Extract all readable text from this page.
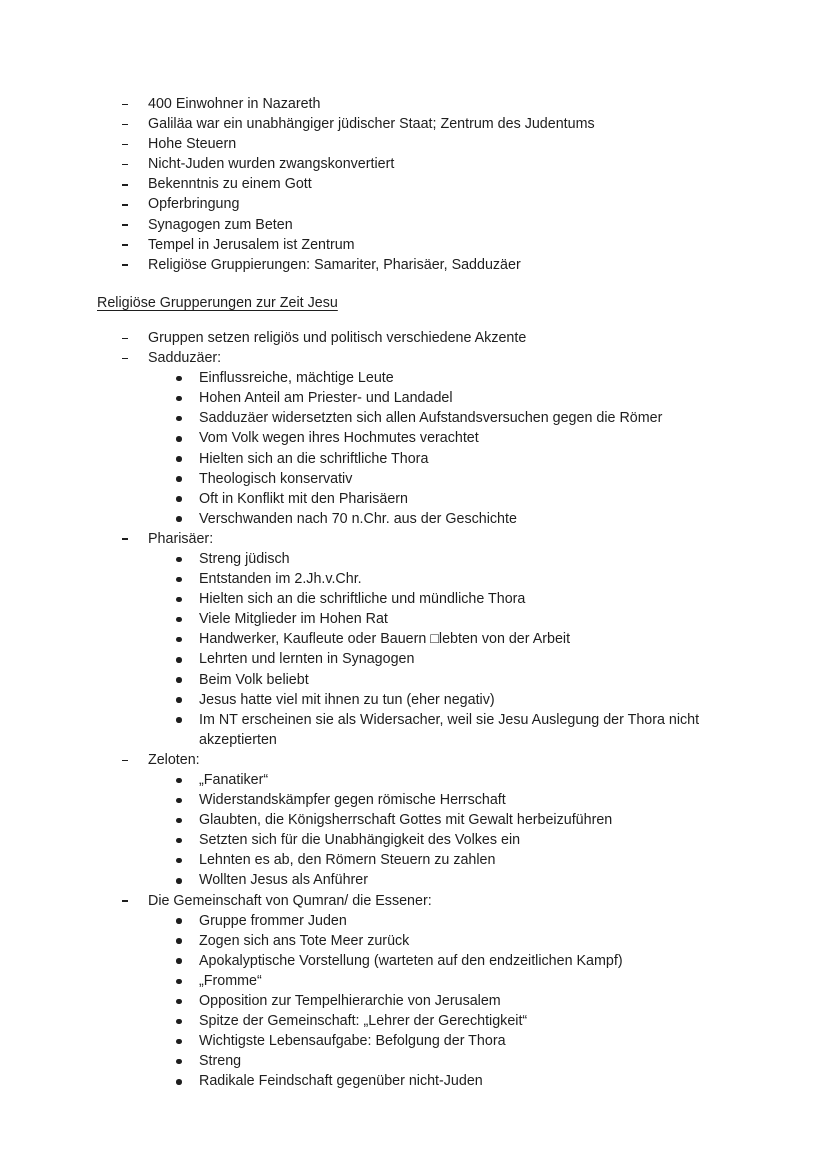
400 Einwohner in Nazareth
Galiläa war ein unabhängiger jüdischer Staat; Zentrum des Judentums
Hohe Steuern
Nicht-Juden wurden zwangskonvertiert
Bekenntnis zu einem Gott
Opferbringung
Synagogen zum Beten
Tempel in Jerusalem ist Zentrum
Religiöse Gruppierungen: Samariter, Pharisäer, Sadduzäer
Religiöse Grupperungen zur Zeit Jesu
Gruppen setzen religiös und politisch verschiedene Akzente
Sadduzäer:
Einflussreiche, mächtige Leute
Hohen Anteil am Priester- und Landadel
Sadduzäer widersetzten sich allen Aufstandsversuchen gegen die Römer
Vom Volk wegen ihres Hochmutes verachtet
Hielten sich an die schriftliche Thora
Theologisch konservativ
Oft in Konflikt mit den Pharisäern
Verschwanden nach 70 n.Chr. aus der Geschichte
Pharisäer:
Streng jüdisch
Entstanden im 2.Jh.v.Chr.
Hielten sich an die schriftliche und mündliche Thora
Viele Mitglieder im Hohen Rat
Handwerker, Kaufleute oder Bauern □lebten von der Arbeit
Lehrten und lernten in Synagogen
Beim Volk beliebt
Jesus hatte viel mit ihnen zu tun (eher negativ)
Im NT erscheinen sie als Widersacher, weil sie Jesu Auslegung der Thora nicht akzeptierten
Zeloten:
„Fanatiker“
Widerstandskämpfer gegen römische Herrschaft
Glaubten, die Königsherrschaft Gottes mit Gewalt herbeizuführen
Setzten sich für die Unabhängigkeit des Volkes ein
Lehnten es ab, den Römern Steuern zu zahlen
Wollten Jesus als Anführer
Die Gemeinschaft von Qumran/ die Essener:
Gruppe frommer Juden
Zogen sich ans Tote Meer zurück
Apokalyptische Vorstellung (warteten auf den endzeitlichen Kampf)
„Fromme“
Opposition zur Tempelhierarchie von Jerusalem
Spitze der Gemeinschaft: „Lehrer der Gerechtigkeit“
Wichtigste Lebensaufgabe: Befolgung der Thora
Streng
Radikale Feindschaft gegenüber nicht-Juden
